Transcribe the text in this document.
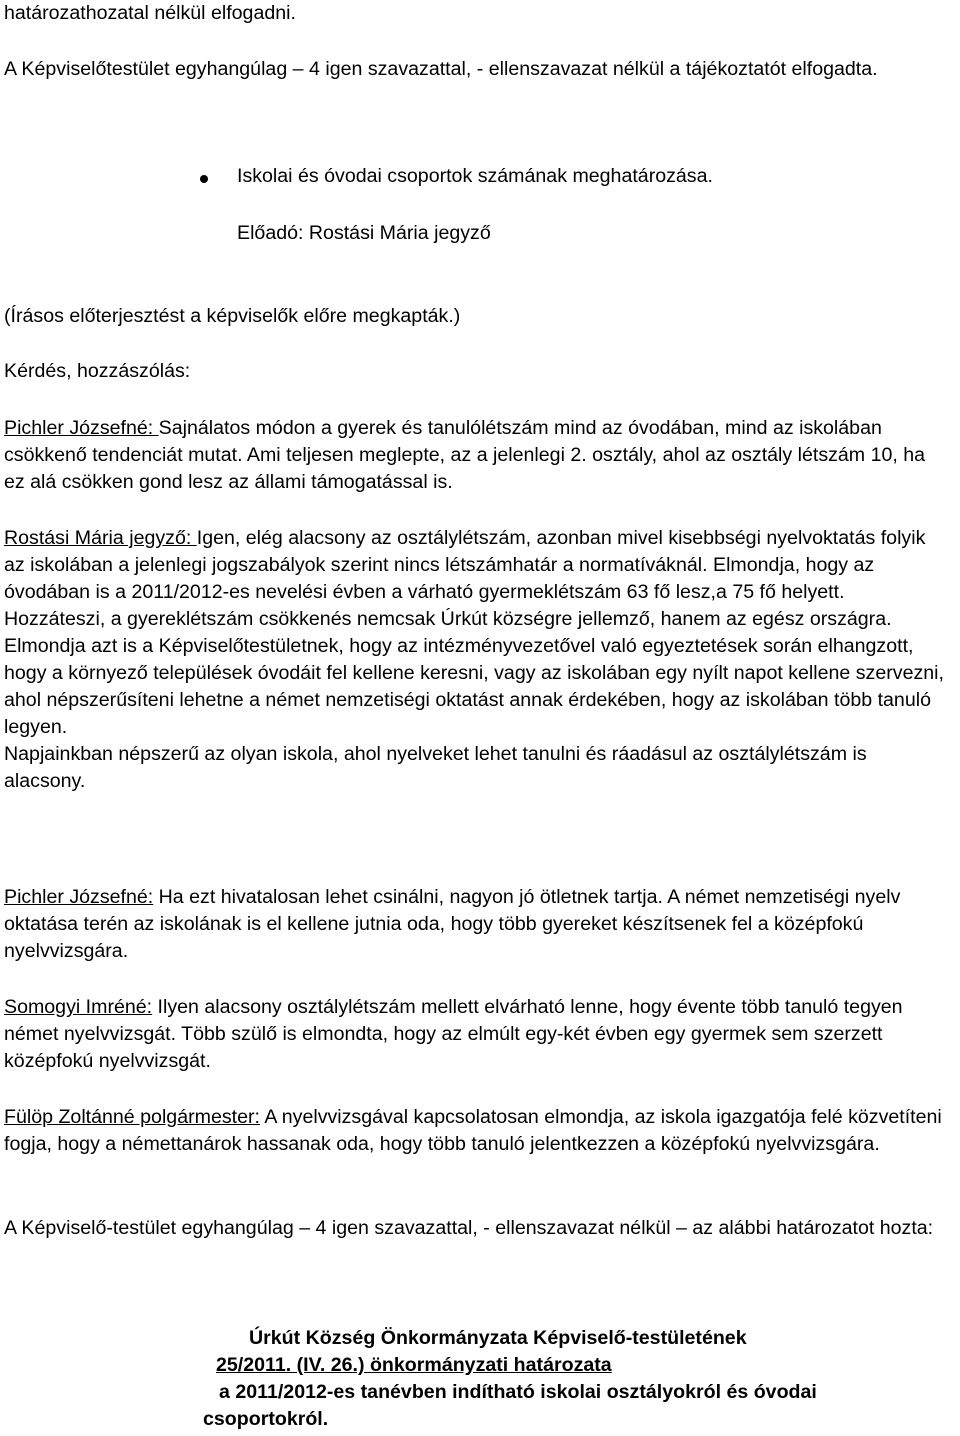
határozathozatal nélkül elfogadni.

A Képviselőtestület egyhangúlag – 4 igen szavazattal, - ellenszavazat nélkül a tájékoztatót elfogadta.

Iskolai és óvodai csoportok számának meghatározása.

Előadó: Rostási Mária jegyző

(Írásos előterjesztést a képviselők előre megkapták.)

Kérdés, hozzászólás:

Pichler Józsefné: Sajnálatos módon a gyerek és tanulólétszám mind az óvodában, mind az iskolában csökkenő tendenciát mutat. Ami teljesen meglepte, az a jelenlegi 2. osztály, ahol az osztály létszám 10, ha ez alá csökken gond lesz az állami támogatással is.

Rostási Mária jegyző: Igen, elég alacsony az osztálylétszám, azonban mivel kisebbségi nyelvoktatás folyik az iskolában a jelenlegi jogszabályok szerint nincs létszámhatár a normatíváknál. Elmondja, hogy az óvodában is a 2011/2012-es nevelési évben a várható gyermeklétszám 63 fő lesz,a 75 fő helyett.

Hozzáteszi, a gyereklétszám csökkenés nemcsak Úrkút községre jellemző, hanem az egész országra.

Elmondja azt is a Képviselőtestületnek, hogy az intézményvezetővel való egyeztetések során elhangzott, hogy a környező települések óvodáit fel kellene keresni, vagy az iskolában egy nyílt napot kellene szervezni, ahol népszerűsíteni lehetne a német nemzetiségi oktatást annak érdekében, hogy az iskolában több tanuló legyen.

Napjainkban népszerű az olyan iskola, ahol nyelveket lehet tanulni és ráadásul az osztálylétszám is alacsony.

Pichler Józsefné: Ha ezt hivatalosan lehet csinálni, nagyon jó ötletnek tartja. A német nemzetiségi nyelv oktatása terén az iskolának is el kellene jutnia oda, hogy több gyereket készítsenek fel a középfokú nyelvvizsgára.

Somogyi Imréné: Ilyen alacsony osztálylétszám mellett elvárható lenne, hogy évente több tanuló tegyen német nyelvvizsgát. Több szülő is elmondta, hogy az elmúlt egy-két évben egy gyermek sem szerzett középfokú nyelvvizsgát.

Fülöp Zoltánné polgármester: A nyelvvizsgával kapcsolatosan elmondja, az iskola igazgatója felé közvetíteni fogja, hogy a némettanárok hassanak oda, hogy több tanuló jelentkezzen a középfokú nyelvvizsgára.

A Képviselő-testület egyhangúlag – 4 igen szavazattal, - ellenszavazat nélkül – az alábbi határozatot hozta:

Úrkút Község Önkormányzata Képviselő-testületének

25/2011. (IV. 26.) önkormányzati határozata

a 2011/2012-es tanévben indítható iskolai osztályokról és óvodai

csoportokról.
